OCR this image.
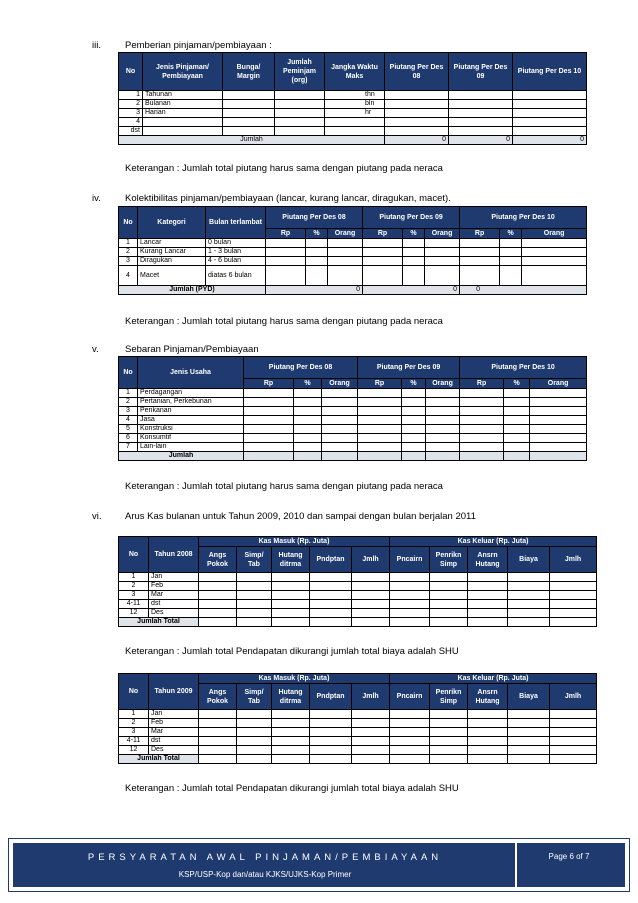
iii.	Pemberian pinjaman/pembiayaan :
No	Jenis Pinjaman/ Pembiayaan	Bunga/ Margin	Jumlah Peminjam (org)	Jangka Waktu Maks	Piutang Per Des 08	Piutang Per Des 09	Piutang Per Des 10
1	Tahunan			thn			
2	Bulanan			bln			
3	Harian			hr			
4							
dst							
Jumlah					0	0	0
Keterangan : Jumlah total piutang harus sama dengan piutang pada neraca
iv.	Kolektibilitas pinjaman/pembiayaan (lancar, kurang lancar, diragukan, macet).
No	Kategori	Bulan terlambat	Piutang Per Des 08			Piutang Per Des 09			Piutang Per Des 10		
			Rp	%	Orang	Rp	%	Orang	Rp	%	Orang
1	Lancar	0 bulan									
2	Kurang Lancar	1 - 3 bulan									
3	Diragukan	4 - 6 bulan									
4	Macet	diatas 6 bulan									
Jumlah (PYD)			0			0			0		
Keterangan : Jumlah total piutang harus sama dengan piutang pada neraca
v.	Sebaran Pinjaman/Pembiayaan
No	Jenis Usaha	Piutang Per Des 08			Piutang Per Des 09			Piutang Per Des 10		
		Rp	%	Orang	Rp	%	Orang	Rp	%	Orang
1	Perdagangan									
2	Pertanian, Perkebunan									
3	Perikanan									
4	Jasa									
5	Konstruksi									
6	Konsumtif									
7	Lain-lain									
Jumlah										
Keterangan : Jumlah total piutang harus sama dengan piutang pada neraca
vi. Arus Kas bulanan untuk Tahun 2009, 2010 dan sampai dengan bulan berjalan 2011
No	Tahun 2008	Kas Masuk (Rp. Juta)					Kas Keluar (Rp. Juta)				
		Angs Pokok	Simp/ Tab	Hutang ditrma	Pndptan	Jmlh	Pncairn	Penrikn Simp	Ansrn Hutang	Biaya	Jmlh
1	Jan										
2	Feb										
3	Mar										
4-11	dst										
12	Des										
Jumlah Total											
Keterangan : Jumlah total Pendapatan dikurangi jumlah total biaya adalah SHU
No	Tahun 2009	Kas Masuk (Rp. Juta)					Kas Keluar (Rp. Juta)				
		Angs Pokok	Simp/ Tab	Hutang ditrma	Pndptan	Jmlh	Pncairn	Penrikn Simp	Ansrn Hutang	Biaya	Jmlh
1	Jan										
2	Feb										
3	Mar										
4-11	dst										
12	Des										
Jumlah Total											
Keterangan : Jumlah total Pendapatan dikurangi jumlah total biaya adalah SHU
PERSYARATAN AWAL PINJAMAN/PEMBIAYAAN
KSP/USP-Kop dan/atau KJKS/UJKS-Kop Primer
Page 6 of 7
